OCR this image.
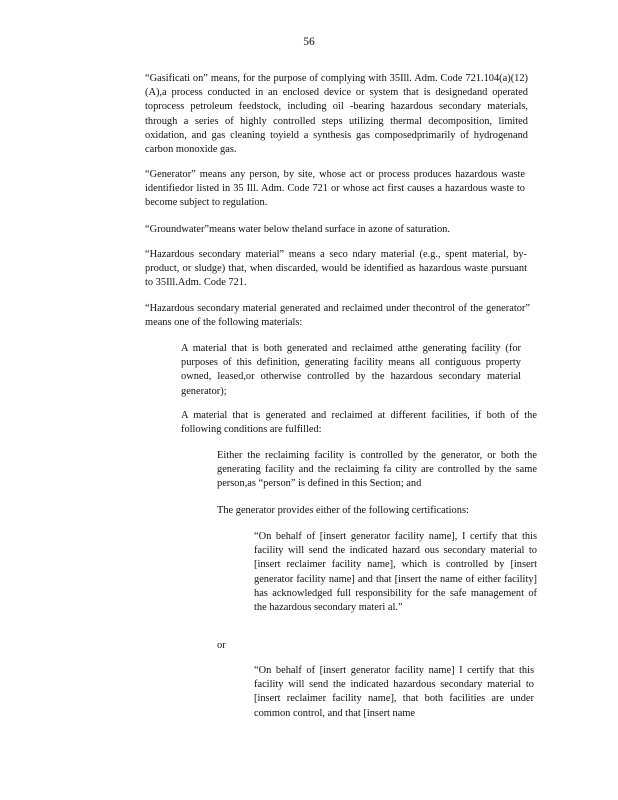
56

“Gasificati on” means, for the purpose of complying with 35Ill. Adm. Code 721.104(a)(12)(A),a process conducted in an enclosed device or system that is designedand operated toprocess petroleum feedstock, including oil -bearing hazardous secondary materials, through a series of highly controlled steps utilizing thermal decomposition, limited oxidation, and gas cleaning toyield a synthesis gas composedprimarily of hydrogenand carbon monoxide gas.

“Generator” means any person, by site, whose act or process produces hazardous waste identifiedor listed in 35 Ill. Adm. Code 721 or whose act first causes a hazardous waste to become subject to regulation.

“Groundwater”means water below theland surface in azone of saturation.

“Hazardous secondary material” means a seco ndary material (e.g., spent material, by-product, or sludge) that, when discarded, would be identified as hazardous waste pursuant to 35Ill.Adm. Code 721.

“Hazardous secondary material generated and reclaimed under thecontrol of the generator” means one of the following materials:

A material that is both generated and reclaimed atthe generating facility (for purposes of this definition, generating facility means all contiguous property owned, leased,or otherwise controlled by the hazardous secondary material generator);

A material that is generated and reclaimed at different facilities, if both of the following conditions are fulfilled:

Either the reclaiming facility is controlled by the generator, or both the generating facility and the reclaiming fa cility are controlled by the same person,as “person” is defined in this Section; and

The generator provides either of the following certifications:

“On behalf of [insert generator facility name], I certify that this facility will send the indicated hazard ous secondary material to [insert reclaimer facility name], which is controlled by [insert generator facility name] and that [insert the name of either facility] has acknowledged full responsibility for the safe management of the hazardous secondary materi al.”

or

“On behalf of [insert generator facility name] I certify that this facility will send the indicated hazardous secondary material to [insert reclaimer facility name], that both facilities are under common control, and that [insert name
